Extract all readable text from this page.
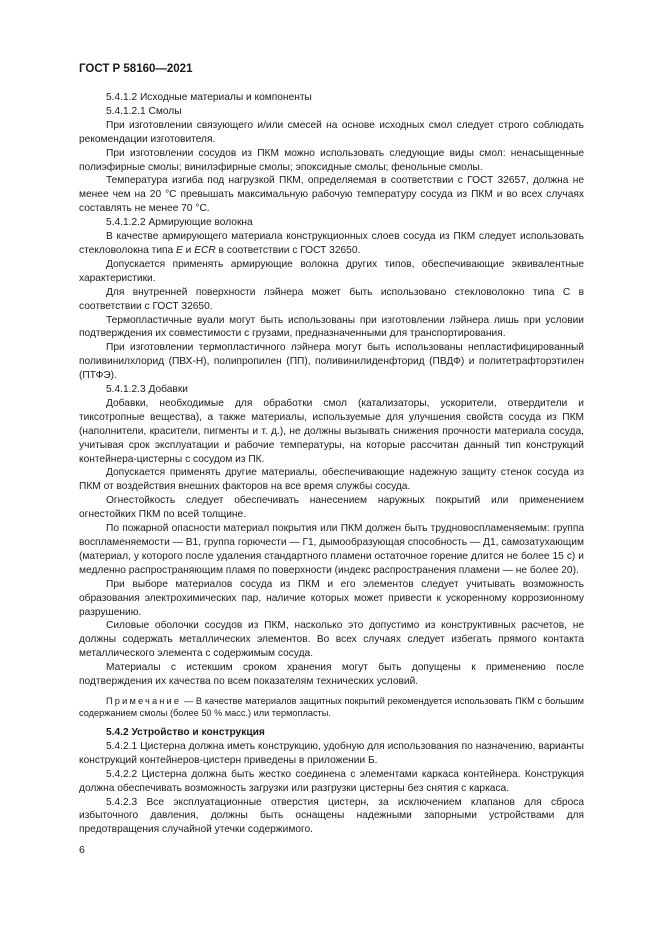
ГОСТ Р 58160—2021

5.4.1.2 Исходные материалы и компоненты

5.4.1.2.1 Смолы

При изготовлении связующего и/или смесей на основе исходных смол следует строго соблюдать рекомендации изготовителя.

При изготовлении сосудов из ПКМ можно использовать следующие виды смол: ненасыщенные полиэфирные смолы; винилэфирные смолы; эпоксидные смолы; фенольные смолы.

Температура изгиба под нагрузкой ПКМ, определяемая в соответствии с ГОСТ 32657, должна не менее чем на 20 °С превышать максимальную рабочую температуру сосуда из ПКМ и во всех случаях составлять не менее 70 °С.

5.4.1.2.2 Армирующие волокна

В качестве армирующего материала конструкционных слоев сосуда из ПКМ следует использовать стекловолокна типа E и ECR в соответствии с ГОСТ 32650.

Допускается применять армирующие волокна других типов, обеспечивающие эквивалентные характеристики.

Для внутренней поверхности лэйнера может быть использовано стекловолокно типа С в соответствии с ГОСТ 32650.

Термопластичные вуали могут быть использованы при изготовлении лэйнера лишь при условии подтверждения их совместимости с грузами, предназначенными для транспортирования.

При изготовлении термопластичного лэйнера могут быть использованы непластифицированный поливинилхлорид (ПВХ-Н), полипропилен (ПП), поливинилиденфторид (ПВДФ) и политетрафторэтилен (ПТФЭ).

5.4.1.2.3 Добавки

Добавки, необходимые для обработки смол (катализаторы, ускорители, отвердители и тиксотропные вещества), а также материалы, используемые для улучшения свойств сосуда из ПКМ (наполнители, красители, пигменты и т. д.), не должны вызывать снижения прочности материала сосуда, учитывая срок эксплуатации и рабочие температуры, на которые рассчитан данный тип конструкций контейнера-цистерны с сосудом из ПК.

Допускается применять другие материалы, обеспечивающие надежную защиту стенок сосуда из ПКМ от воздействия внешних факторов на все время службы сосуда.

Огнестойкость следует обеспечивать нанесением наружных покрытий или применением огнестойких ПКМ по всей толщине.

По пожарной опасности материал покрытия или ПКМ должен быть трудновоспламеняемым: группа воспламеняемости — В1, группа горючести — Г1, дымообразующая способность — Д1, самозатухающим (материал, у которого после удаления стандартного пламени остаточное горение длится не более 15 с) и медленно распространяющим пламя по поверхности (индекс распространения пламени — не более 20).

При выборе материалов сосуда из ПКМ и его элементов следует учитывать возможность образования электрохимических пар, наличие которых может привести к ускоренному коррозионному разрушению.

Силовые оболочки сосудов из ПКМ, насколько это допустимо из конструктивных расчетов, не должны содержать металлических элементов. Во всех случаях следует избегать прямого контакта металлического элемента с содержимым сосуда.

Материалы с истекшим сроком хранения могут быть допущены к применению после подтверждения их качества по всем показателям технических условий.

Примечание — В качестве материалов защитных покрытий рекомендуется использовать ПКМ с большим содержанием смолы (более 50 % масс.) или термопласты.

5.4.2 Устройство и конструкция

5.4.2.1 Цистерна должна иметь конструкцию, удобную для использования по назначению, варианты конструкций контейнеров-цистерн приведены в приложении Б.

5.4.2.2 Цистерна должна быть жестко соединена с элементами каркаса контейнера. Конструкция должна обеспечивать возможность загрузки или разгрузки цистерны без снятия с каркаса.

5.4.2.3 Все эксплуатационные отверстия цистерн, за исключением клапанов для сброса избыточного давления, должны быть оснащены надежными запорными устройствами для предотвращения случайной утечки содержимого.

6
